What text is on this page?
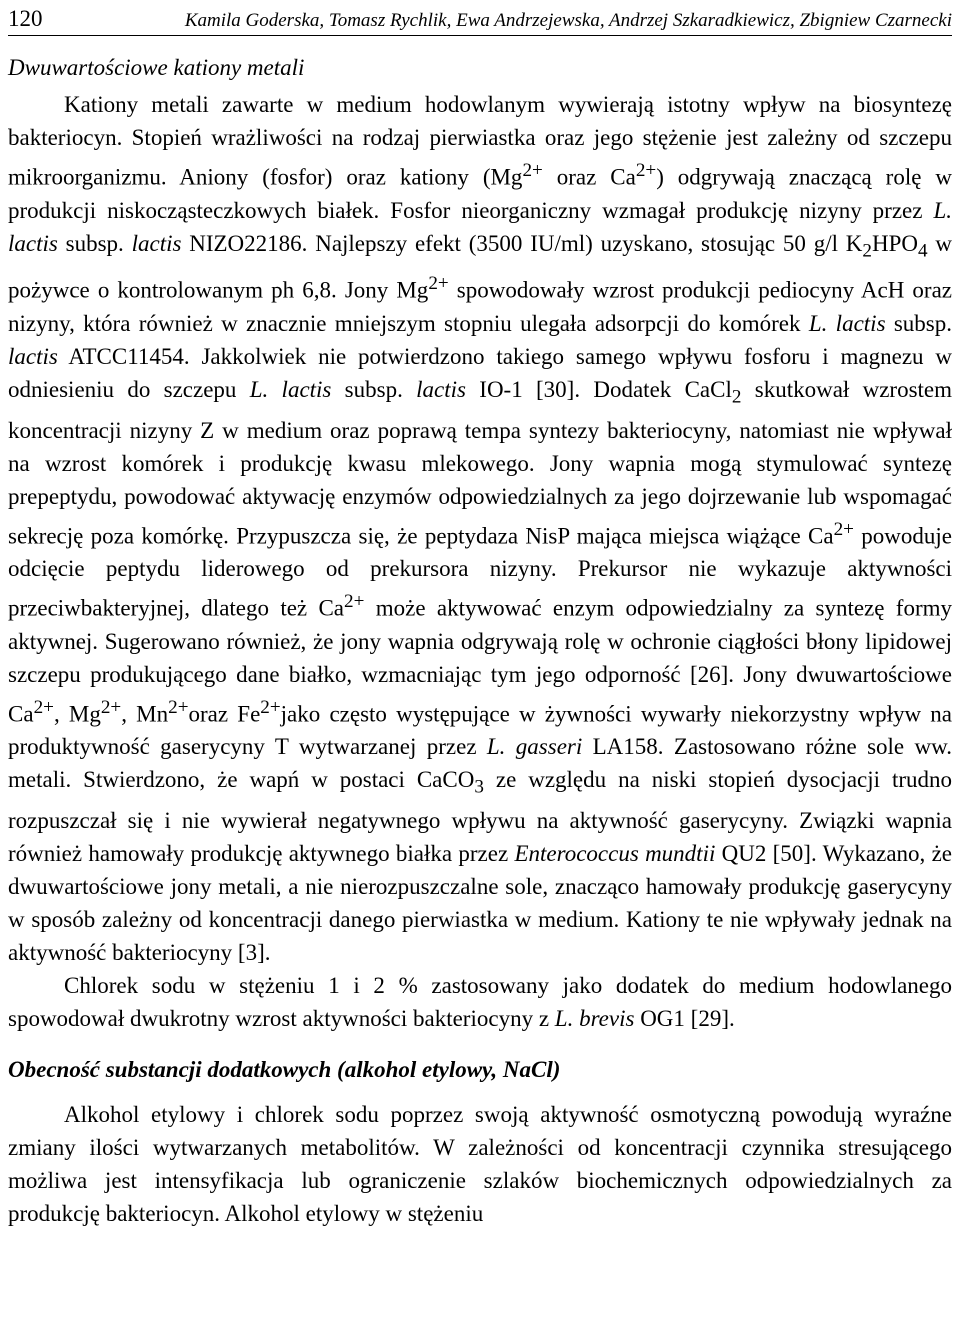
120	Kamila Goderska, Tomasz Rychlik, Ewa Andrzejewska, Andrzej Szkaradkiewicz, Zbigniew Czarnecki
Dwuwartościowe kationy metali

Kationy metali zawarte w medium hodowlanym wywierają istotny wpływ na biosyntezę bakteriocyn. Stopień wrażliwości na rodzaj pierwiastka oraz jego stężenie jest zależny od szczepu mikroorganizmu. Aniony (fosfor) oraz kationy ($Mg^{2+}$ oraz $Ca^{2+}$) odgrywają znaczącą rolę w produkcji niskocząsteczkowych białek. Fosfor nieorganiczny wzmagał produkcję nizyny przez L. lactis subsp. lactis NIZO22186. Najlepszy efekt (3500 IU/ml) uzyskano, stosując 50 g/l $K_2HPO_4$ w pożywce o kontrolowanym ph 6,8. Jony $Mg^{2+}$ spowodowały wzrost produkcji pediocyny AcH oraz nizyny, która również w znacznie mniejszym stopniu ulegała adsorpcji do komórek L. lactis subsp. lactis ATCC11454. Jakkolwiek nie potwierdzono takiego samego wpływu fosforu i magnezu w odniesieniu do szczepu L. lactis subsp. lactis IO-1 [30]. Dodatek CaCl$_2$ skutkował wzrostem koncentracji nizyny Z w medium oraz poprawą tempa syntezy bakteriocyny, natomiast nie wpływał na wzrost komórek i produkcję kwasu mlekowego. Jony wapnia mogą stymulować syntezę prepeptydu, powodować aktywację enzymów odpowiedzialnych za jego dojrzewanie lub wspomagać sekrecję poza komórkę. Przypuszcza się, że peptydaza NisP mająca miejsca wiążące $Ca^{2+}$ powoduje odcięcie peptydu liderowego od prekursora nizyny. Prekursor nie wykazuje aktywności przeciwbakteryjnej, dlatego też $Ca^{2+}$ może aktywować enzym odpowiedzialny za syntezę formy aktywnej. Sugerowano również, że jony wapnia odgrywają rolę w ochronie ciągłości błony lipidowej szczepu produkującego dane białko, wzmacniając tym jego odporność [26]. Jony dwuwartościowe $Ca^{2+}$, $Mg^{2+}$, $Mn^{2+}oraz$ $Fe^{2+}jako$ często występujące w żywności wywarły niekorzystny wpływ na produktywność gaserycyny T wytwarzanej przez L. gasseri LA158. Zastosowano różne sole ww. metali. Stwierdzono, że wapń w postaci CaCO$_3$ ze względu na niski stopień dysocjacji trudno rozpuszczał się i nie wywierał negatywnego wpływu na aktywność gaserycyny. Związki wapnia również hamowały produkcję aktywnego białka przez Enterococcus mundtii QU2 [50]. Wykazano, że dwuwartościowe jony metali, a nie nierozpuszczalne sole, znacząco hamowały produkcję gaserycyny w sposób zależny od koncentracji danego pierwiastka w medium. Kationy te nie wpływały jednak na aktywność bakteriocyny [3].

Chlorek sodu w stężeniu 1 i 2 % zastosowany jako dodatek do medium hodowlanego spowodował dwukrotny wzrost aktywności bakteriocyny z L. brevis OG1 [29].

Obecność substancji dodatkowych (alkohol etylowy, NaCl)

Alkohol etylowy i chlorek sodu poprzez swoją aktywność osmotyczną powodują wyraźne zmiany ilości wytwarzanych metabolitów. W zależności od koncentracji czynnika stresującego możliwa jest intensyfikacja lub ograniczenie szlaków biochemicznych odpowiedzialnych za produkcję bakteriocyn. Alkohol etylowy w stężeniu
